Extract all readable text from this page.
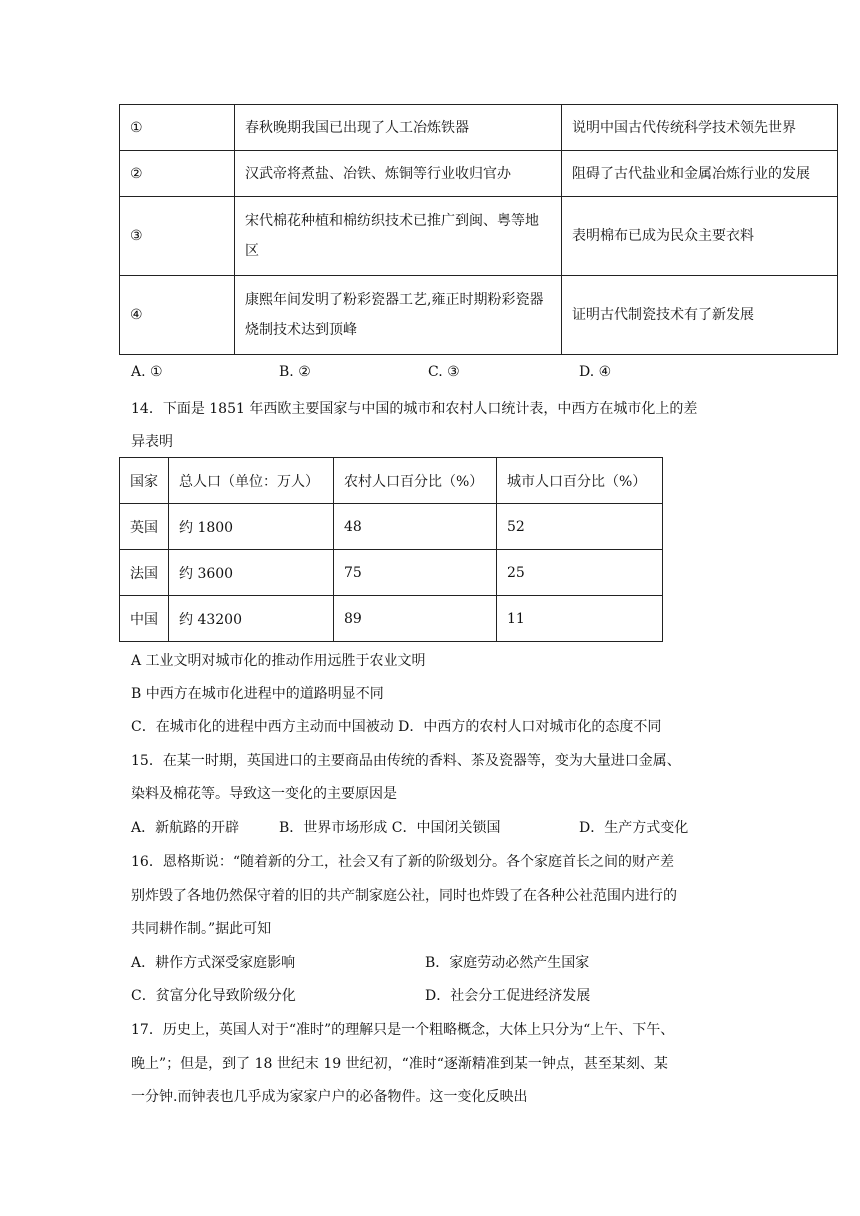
①	春秋晚期我国已出现了人工冶炼铁器	说明中国古代传统科学技术领先世界
②	汉武帝将煮盐、冶铁、炼铜等行业收归官办	阻碍了古代盐业和金属冶炼行业的发展
③	宋代棉花种植和棉纺织技术已推广到闽、粤等地区	表明棉布已成为民众主要衣料
④	康熙年间发明了粉彩瓷器工艺,雍正时期粉彩瓷器烧制技术达到顶峰	证明古代制瓷技术有了新发展
A. ①	B. ②	C. ③	D. ④
14．下面是 1851 年西欧主要国家与中国的城市和农村人口统计表，中西方在城市化上的差
异表明
国家	总人口（单位：万人）	农村人口百分比（%）	城市人口百分比（%）
英国	约 1800	48	52
法国	约 3600	75	25
中国	约 43200	89	11
A 工业文明对城市化的推动作用远胜于农业文明
B 中西方在城市化进程中的道路明显不同
C．在城市化的进程中西方主动而中国被动 D．中西方的农村人口对城市化的态度不同
15．在某一时期，英国进口的主要商品由传统的香料、茶及瓷器等，变为大量进口金属、
染料及棉花等。导致这一变化的主要原因是
A．新航路的开辟	B．世界市场形成 C．中国闭关锁国	D．生产方式变化
16．恩格斯说：“随着新的分工，社会又有了新的阶级划分。各个家庭首长之间的财产差
别炸毁了各地仍然保守着的旧的共产制家庭公社，同时也炸毁了在各种公社范围内进行的
共同耕作制。”据此可知
A．耕作方式深受家庭影响	B．家庭劳动必然产生国家
C．贫富分化导致阶级分化	D．社会分工促进经济发展
17．历史上，英国人对于“准时”的理解只是一个粗略概念，大体上只分为“上午、下午、
晚上”；但是，到了 18 世纪末 19 世纪初，“准时“逐渐精准到某一钟点，甚至某刻、某
一分钟.而钟表也几乎成为家家户户的必备物件。这一变化反映出
